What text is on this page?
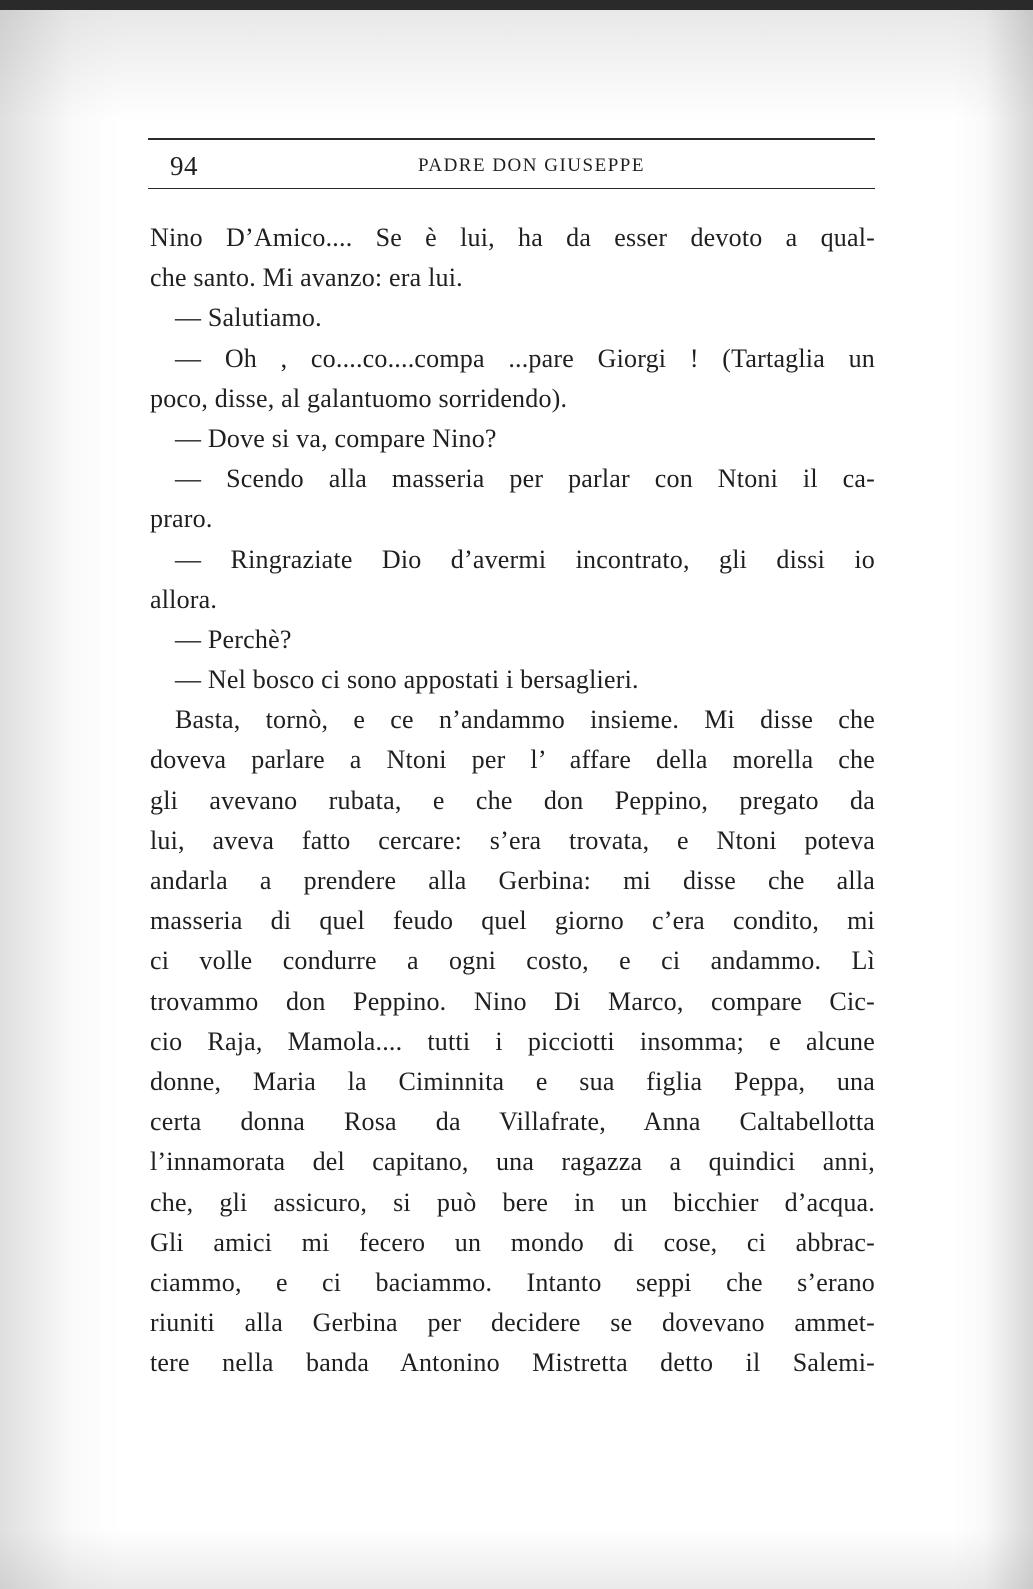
94	PADRE DON GIUSEPPE
Nino D’Amico.... Se è lui, ha da esser devoto a qual-
che santo. Mi avanzo: era lui.
— Salutiamo.
— Oh , co....co....compa ...pare Giorgi ! (Tartaglia un
poco, disse, al galantuomo sorridendo).
— Dove si va, compare Nino?
— Scendo alla masseria per parlar con Ntoni il ca-
praro.
— Ringraziate Dio d’avermi incontrato, gli dissi io
allora.
— Perchè?
— Nel bosco ci sono appostati i bersaglieri.
Basta, tornò, e ce n’andammo insieme. Mi disse che
doveva parlare a Ntoni per l’ affare della morella che
gli avevano rubata, e che don Peppino, pregato da
lui, aveva fatto cercare: s’era trovata, e Ntoni poteva
andarla a prendere alla Gerbina: mi disse che alla
masseria di quel feudo quel giorno c’era condito, mi
ci volle condurre a ogni costo, e ci andammo. Lì
trovammo don Peppino. Nino Di Marco, compare Cic-
cio Raja, Mamola.... tutti i picciotti insomma; e alcune
donne, Maria la Ciminnita e sua figlia Peppa, una
certa donna Rosa da Villafrate, Anna Caltabellotta
l’innamorata del capitano, una ragazza a quindici anni,
che, gli assicuro, si può bere in un bicchier d’acqua.
Gli amici mi fecero un mondo di cose, ci abbrac-
ciammo, e ci baciammo. Intanto seppi che s’erano
riuniti alla Gerbina per decidere se dovevano ammet-
tere nella banda Antonino Mistretta detto il Salemi-
